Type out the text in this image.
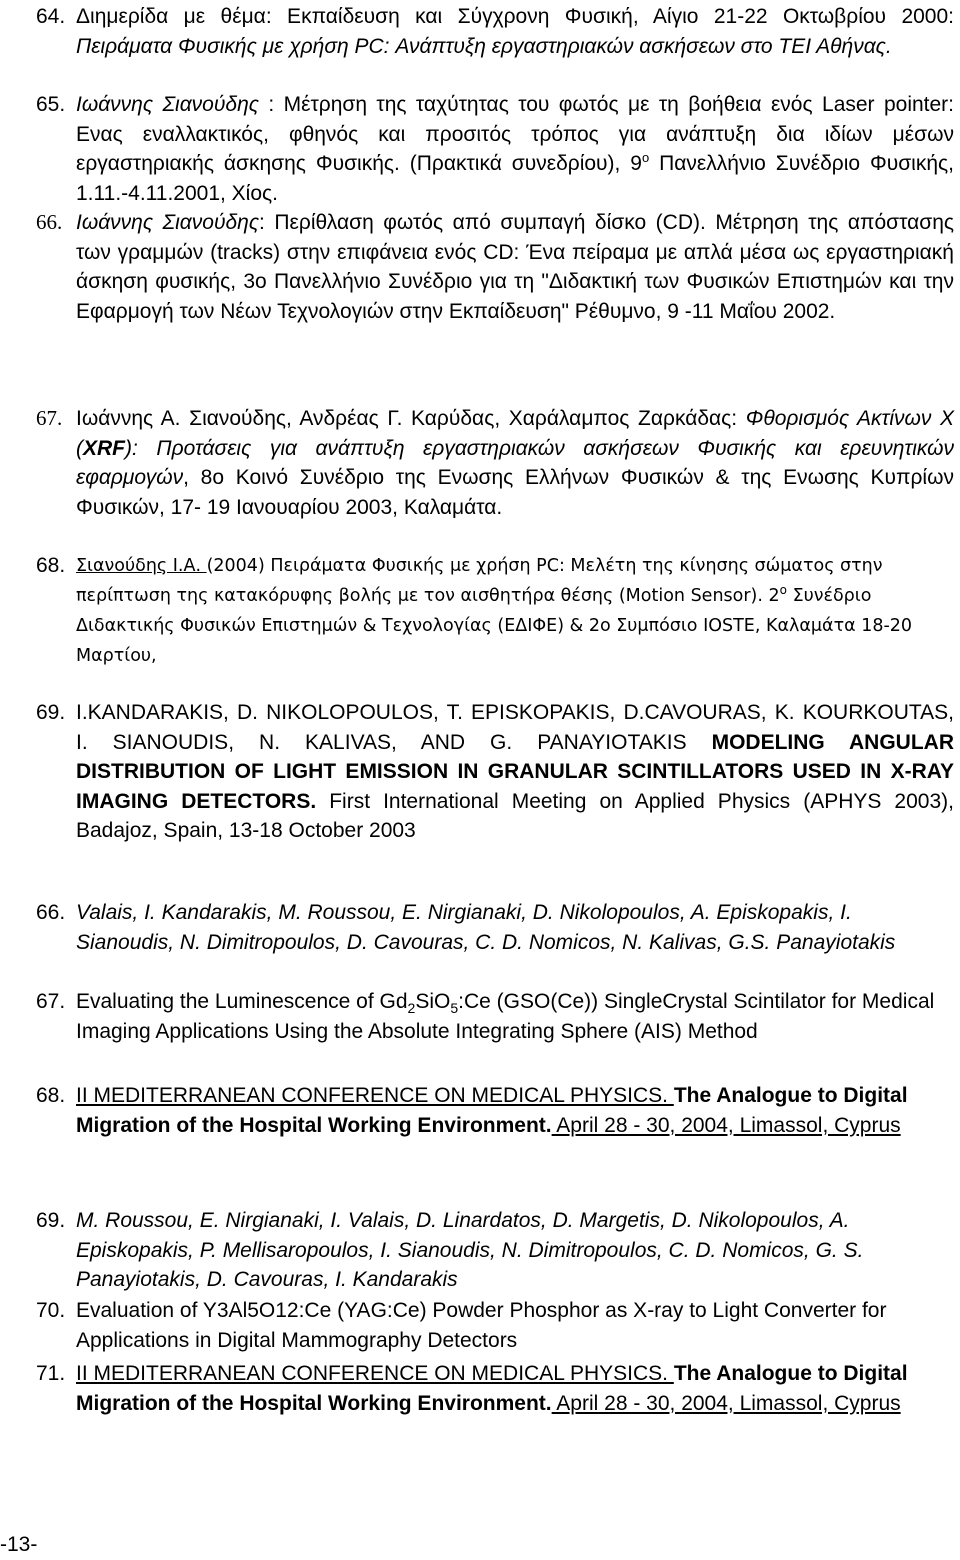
64. Διημερίδα με θέμα: Εκπαίδευση και Σύγχρονη Φυσική, Αίγιο 21-22 Οκτωβρίου 2000: Πειράματα Φυσικής με χρήση PC: Ανάπτυξη εργαστηριακών ασκήσεων στο ΤΕΙ Αθήνας.
65. Ιωάννης Σιανούδης : Μέτρηση της ταχύτητας του φωτός με τη βοήθεια ενός Laser pointer: Ενας εναλλακτικός, φθηνός και προσιτός τρόπος για ανάπτυξη δια ιδίων μέσων εργαστηριακής άσκησης Φυσικής. (Πρακτικά συνεδρίου), $9^o$ Πανελλήνιο Συνέδριο Φυσικής, 1.11.-4.11.2001, Χίος.
66. Ιωάννης Σιανούδης: Περίθλαση φωτός από συμπαγή δίσκο (CD). Μέτρηση της απόστασης των γραμμών (tracks) στην επιφάνεια ενός CD: Ένα πείραμα με απλά μέσα ως εργαστηριακή άσκηση φυσικής, 3ο Πανελλήνιο Συνέδριο για τη "Διδακτική των Φυσικών Επιστημών και την Εφαρμογή των Νέων Τεχνολογιών στην Εκπαίδευση" Ρέθυμνο, 9 -11 Μαΐου 2002.
67. Ιωάννης Α. Σιανούδης, Ανδρέας Γ. Καρύδας, Χαράλαμπος Ζαρκάδας: Φθορισμός Ακτίνων Χ (XRF): Προτάσεις για ανάπτυξη εργαστηριακών ασκήσεων Φυσικής και ερευνητικών εφαρμογών, 8ο Κοινό Συνέδριο της Ενωσης Ελλήνων Φυσικών & της Ενωσης Κυπρίων Φυσικών, 17- 19 Ιανουαρίου 2003, Καλαμάτα.
68. Σιανούδης Ι.Α. (2004) Πειράματα Φυσικής με χρήση PC: Μελέτη της κίνησης σώματος στην περίπτωση της κατακόρυφης βολής με τον αισθητήρα θέσης (Motion Sensor). $2^o$ Συνέδριο Διδακτικής Φυσικών Επιστημών & Τεχνολογίας (ΕΔΙΦΕ) & 2ο Συμπόσιο IOSTE, Καλαμάτα 18-20 Μαρτίου,
69. I.KANDARAKIS, D. NIKOLOPOULOS, T. EPISKOPAKIS, D.CAVOURAS, K. KOURKOUTAS, I. SIANOUDIS, N. KALIVAS, AND G. PANAYIOTAKIS MODELING ANGULAR DISTRIBUTION OF LIGHT EMISSION IN GRANULAR SCINTILLATORS USED IN X-RAY IMAGING DETECTORS. First International Meeting on Applied Physics (APHYS 2003), Badajoz, Spain, 13-18 October 2003
66. Valais, I. Kandarakis, M. Roussou, E. Nirgianaki, D. Nikolopoulos, A. Episkopakis, I. Sianoudis, N. Dimitropoulos, D. Cavouras, C. D. Nomicos, N. Kalivas, G.S. Panayiotakis
67. Evaluating the Luminescence of $Gd_2SiO_5:Ce$ (GSO(Ce)) SingleCrystal Scintilator for Medical Imaging Applications Using the Absolute Integrating Sphere (AIS) Method
68. II MEDITERRANEAN CONFERENCE ON MEDICAL PHYSICS. The Analogue to Digital Migration of the Hospital Working Environment. April 28 - 30, 2004, Limassol, Cyprus
69. M. Roussou, E. Nirgianaki, I. Valais, D. Linardatos, D. Margetis, D. Nikolopoulos, A. Episkopakis, P. Mellisaropoulos, I. Sianoudis, N. Dimitropoulos, C. D. Nomicos, G. S. Panayiotakis, D. Cavouras, I. Kandarakis
70. Evaluation of Y3Al5O12:Ce (YAG:Ce) Powder Phosphor as X-ray to Light Converter for Applications in Digital Mammography Detectors
71. II MEDITERRANEAN CONFERENCE ON MEDICAL PHYSICS. The Analogue to Digital Migration of the Hospital Working Environment. April 28 - 30, 2004, Limassol, Cyprus
-13-
